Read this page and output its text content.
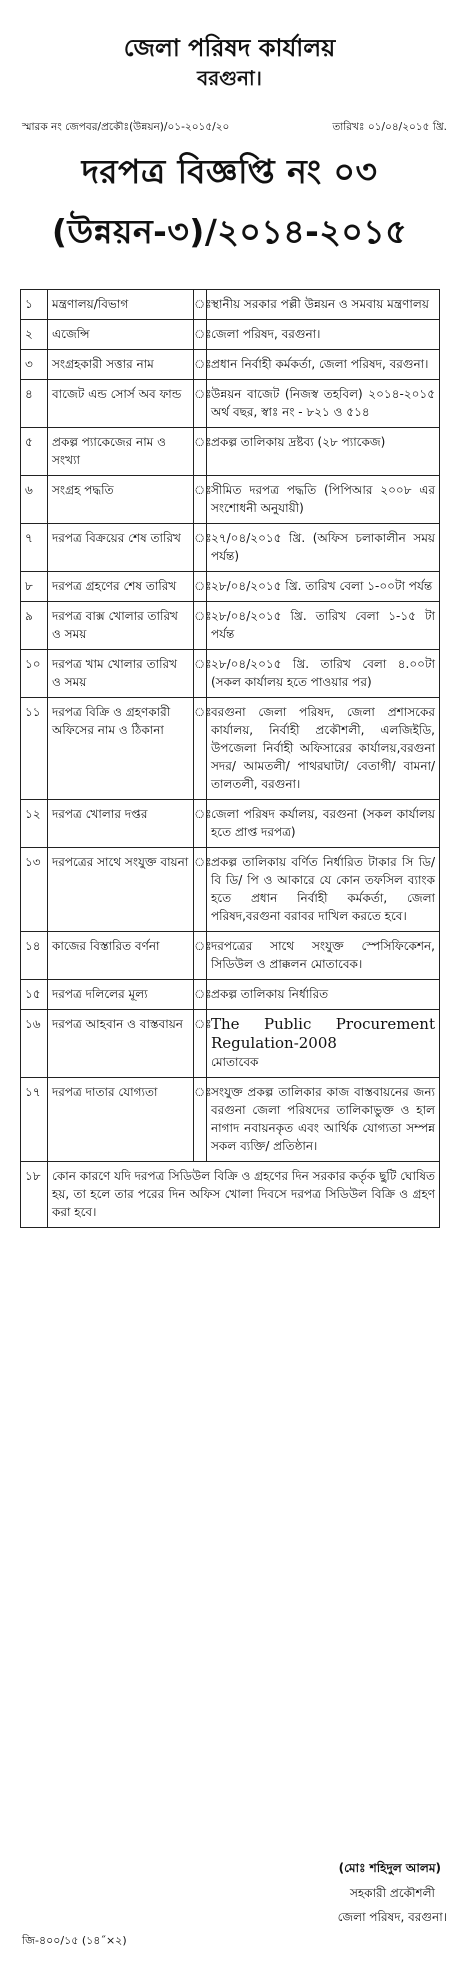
জেলা পরিষদ কার্যালয়
বরগুনা।
স্মারক নং জেপবর/প্রকৌঃ(উন্নয়ন)/০১-২০১৫/২০	তারিখঃ ০১/০৪/২০১৫ খ্রি.
দরপত্র বিজ্ঞপ্তি নং ০৩
(উন্নয়ন-৩)/২০১৪-২০১৫
১	মন্ত্রণালয়/বিভাগ	ঃ	স্থানীয় সরকার পল্লী উন্নয়ন ও সমবায় মন্ত্রণালয়
২	এজেন্সি	ঃ	জেলা পরিষদ, বরগুনা।
৩	সংগ্রহকারী সত্তার নাম	ঃ	প্রধান নির্বাহী কর্মকর্তা, জেলা পরিষদ, বরগুনা।
৪	বাজেট এন্ড সোর্স অব ফান্ড	ঃ	উন্নয়ন বাজেট (নিজস্ব তহবিল) ২০১৪-২০১৫ অর্থ বছর, স্বাঃ নং - ৮২১ ও ৫১৪
৫	প্রকল্প প্যাকেজের নাম ও সংখ্যা	ঃ	প্রকল্প তালিকায় দ্রষ্টব্য (২৮ প্যাকেজ)
৬	সংগ্রহ পদ্ধতি	ঃ	সীমিত দরপত্র পদ্ধতি (পিপিআর ২০০৮ এর সংশোধনী অনুযায়ী)
৭	দরপত্র বিক্রয়ের শেষ তারিখ	ঃ	২৭/০৪/২০১৫ খ্রি. (অফিস চলাকালীন সময় পর্যন্ত)
৮	দরপত্র গ্রহণের শেষ তারিখ	ঃ	২৮/০৪/২০১৫ খ্রি. তারিখ বেলা ১-০০টা পর্যন্ত
৯	দরপত্র বাক্স খোলার তারিখ ও সময়	ঃ	২৮/০৪/২০১৫ খ্রি. তারিখ বেলা ১-১৫ টা পর্যন্ত
১০	দরপত্র খাম খোলার তারিখ ও সময়	ঃ	২৮/০৪/২০১৫ খ্রি. তারিখ বেলা ৪.০০টা (সকল কার্যালয় হতে পাওয়ার পর)
১১	দরপত্র বিক্রি ও গ্রহণকারী অফিসের নাম ও ঠিকানা	ঃ	বরগুনা জেলা পরিষদ, জেলা প্রশাসকের কার্যালয়, নির্বাহী প্রকৌশলী, এলজিইডি, উপজেলা নির্বাহী অফিসারের কার্যালয়,বরগুনা সদর/ আমতলী/ পাথরঘাটা/ বেতাগী/ বামনা/ তালতলী, বরগুনা।
১২	দরপত্র খোলার দপ্তর	ঃ	জেলা পরিষদ কর্যালয়, বরগুনা (সকল কার্যালয় হতে প্রাপ্ত দরপত্র)
১৩	দরপত্রের সাথে সংযুক্ত বায়না	ঃ	প্রকল্প তালিকায় বর্ণিত নির্ধারিত টাকার সি ডি/বি ডি/ পি ও আকারে যে কোন তফসিল ব্যাংক হতে প্রধান নির্বাহী কর্মকর্তা, জেলা পরিষদ,বরগুনা বরাবর দাখিল করতে হবে।
১৪	কাজের বিস্তারিত বর্ণনা	ঃ	দরপত্রের সাথে সংযুক্ত স্পেসিফিকেশন, সিডিউল ও প্রাক্কলন মোতাবেক।
১৫	দরপত্র দলিলের মূল্য	ঃ	প্রকল্প তালিকায় নির্ধারিত
১৬	দরপত্র আহবান ও বাস্তবায়ন	ঃ	The Public Procurement Regulation-2008
মোতাবেক

১৭	দরপত্র দাতার যোগ্যতা	ঃ	সংযুক্ত প্রকল্প তালিকার কাজ বাস্তবায়নের জন্য বরগুনা জেলা পরিষদের তালিকাভুক্ত ও হাল নাগাদ নবায়নকৃত এবং আর্থিক যোগ্যতা সম্পন্ন সকল ব্যক্তি/ প্রতিষ্ঠান।
১৮	কোন কারণে যদি দরপত্র সিডিউল বিক্রি ও গ্রহণের দিন সরকার কর্তৃক ছুটি ঘোষিত হয়, তা হলে তার পরের দিন অফিস খোলা দিবসে দরপত্র সিডিউল বিক্রি ও গ্রহণ করা হবে।		
(মোঃ শহিদুল আলম)
সহকারী প্রকৌশলী
জেলা পরিষদ, বরগুনা।
জি-৪০০/১৫ (১৪˝×২)
